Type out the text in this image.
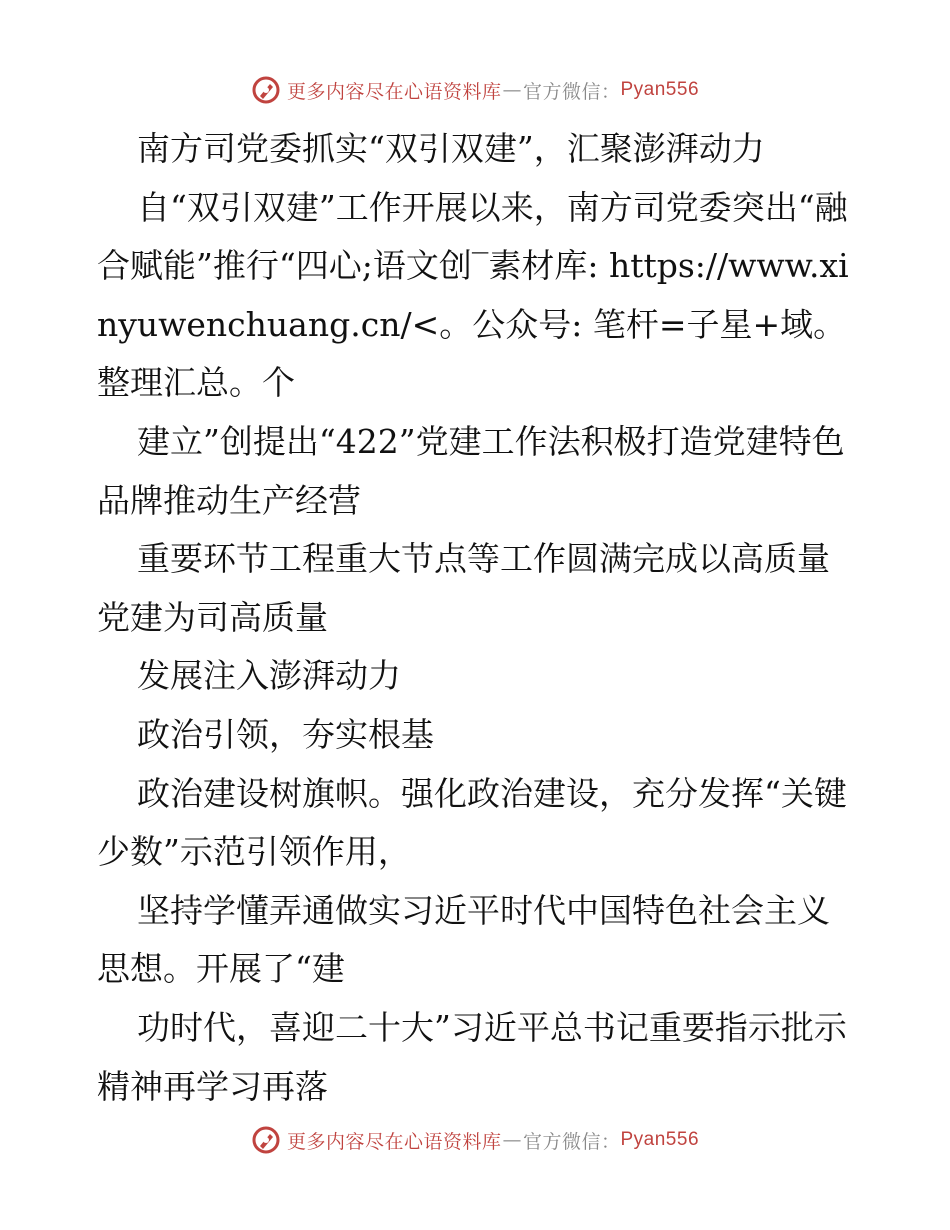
更多内容尽在心语资料库 — 官方微信： Pyan556

南方司党委抓实“双引双建”，汇聚澎湃动力

自“双引双建”工作开展以来，南方司党委突出“融合赋能”推行“四心;语文创‾素材库: https://www.xinyuwenchuang.cn/<。公众号: 笔杆=子星+域。整理汇总。个

建立”创提出“422”党建工作法积极打造党建特色品牌推动生产经营

重要环节工程重大节点等工作圆满完成以高质量党建为司高质量

发展注入澎湃动力

政治引领，夯实根基

政治建设树旗帜。强化政治建设，充分发挥“关键少数”示范引领作用，

坚持学懂弄通做实习近平时代中国特色社会主义思想。开展了“建

功时代，喜迎二十大”习近平总书记重要指示批示精神再学习再落

更多内容尽在心语资料库 — 官方微信： Pyan556
